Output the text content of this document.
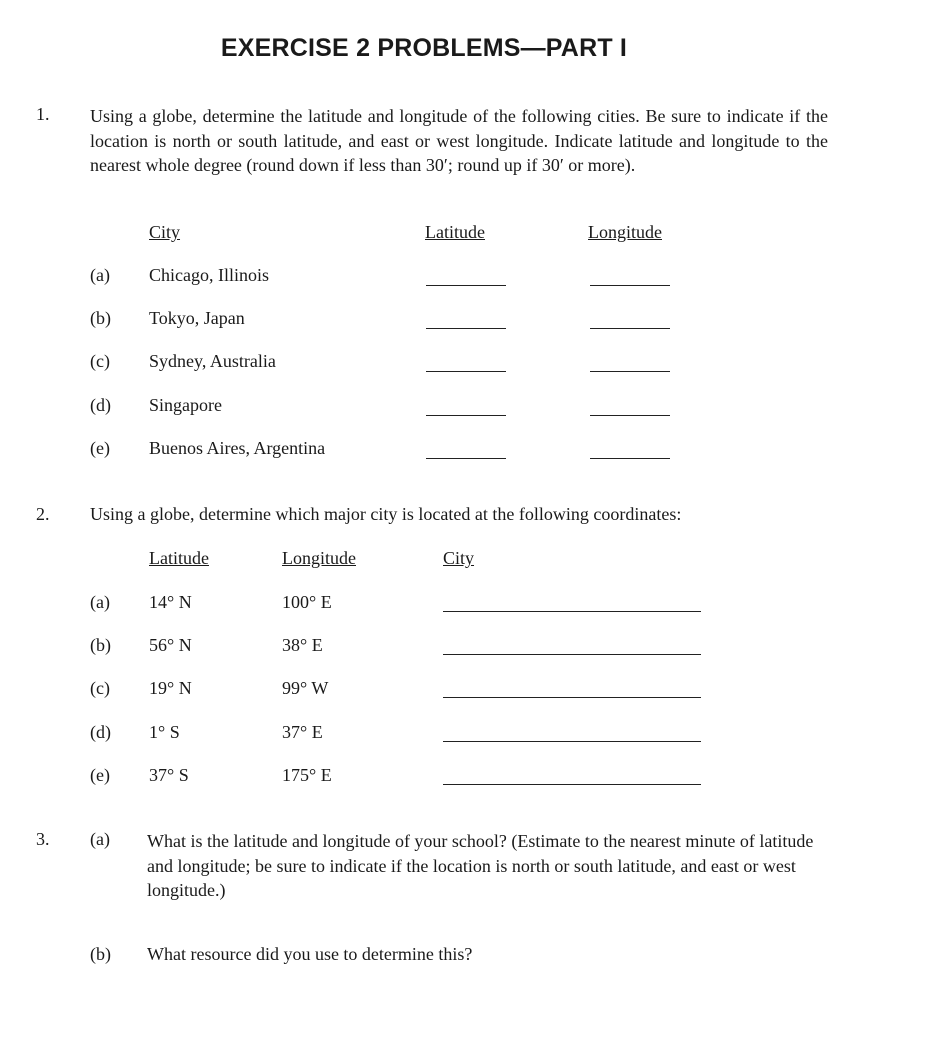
EXERCISE 2 PROBLEMS—PART I
1. Using a globe, determine the latitude and longitude of the following cities. Be sure to indicate if the location is north or south latitude, and east or west longitude. Indicate latitude and longitude to the nearest whole degree (round down if less than 30′; round up if 30′ or more).
City	Latitude	Longitude
(a) Chicago, Illinois
(b) Tokyo, Japan
(c) Sydney, Australia
(d) Singapore
(e) Buenos Aires, Argentina
2. Using a globe, determine which major city is located at the following coordinates:
Latitude	Longitude	City
(a) 14° N	100° E
(b) 56° N	38° E
(c) 19° N	99° W
(d) 1° S	37° E
(e) 37° S	175° E
3. (a) What is the latitude and longitude of your school? (Estimate to the nearest minute of latitude and longitude; be sure to indicate if the location is north or south latitude, and east or west longitude.)
(b) What resource did you use to determine this?
